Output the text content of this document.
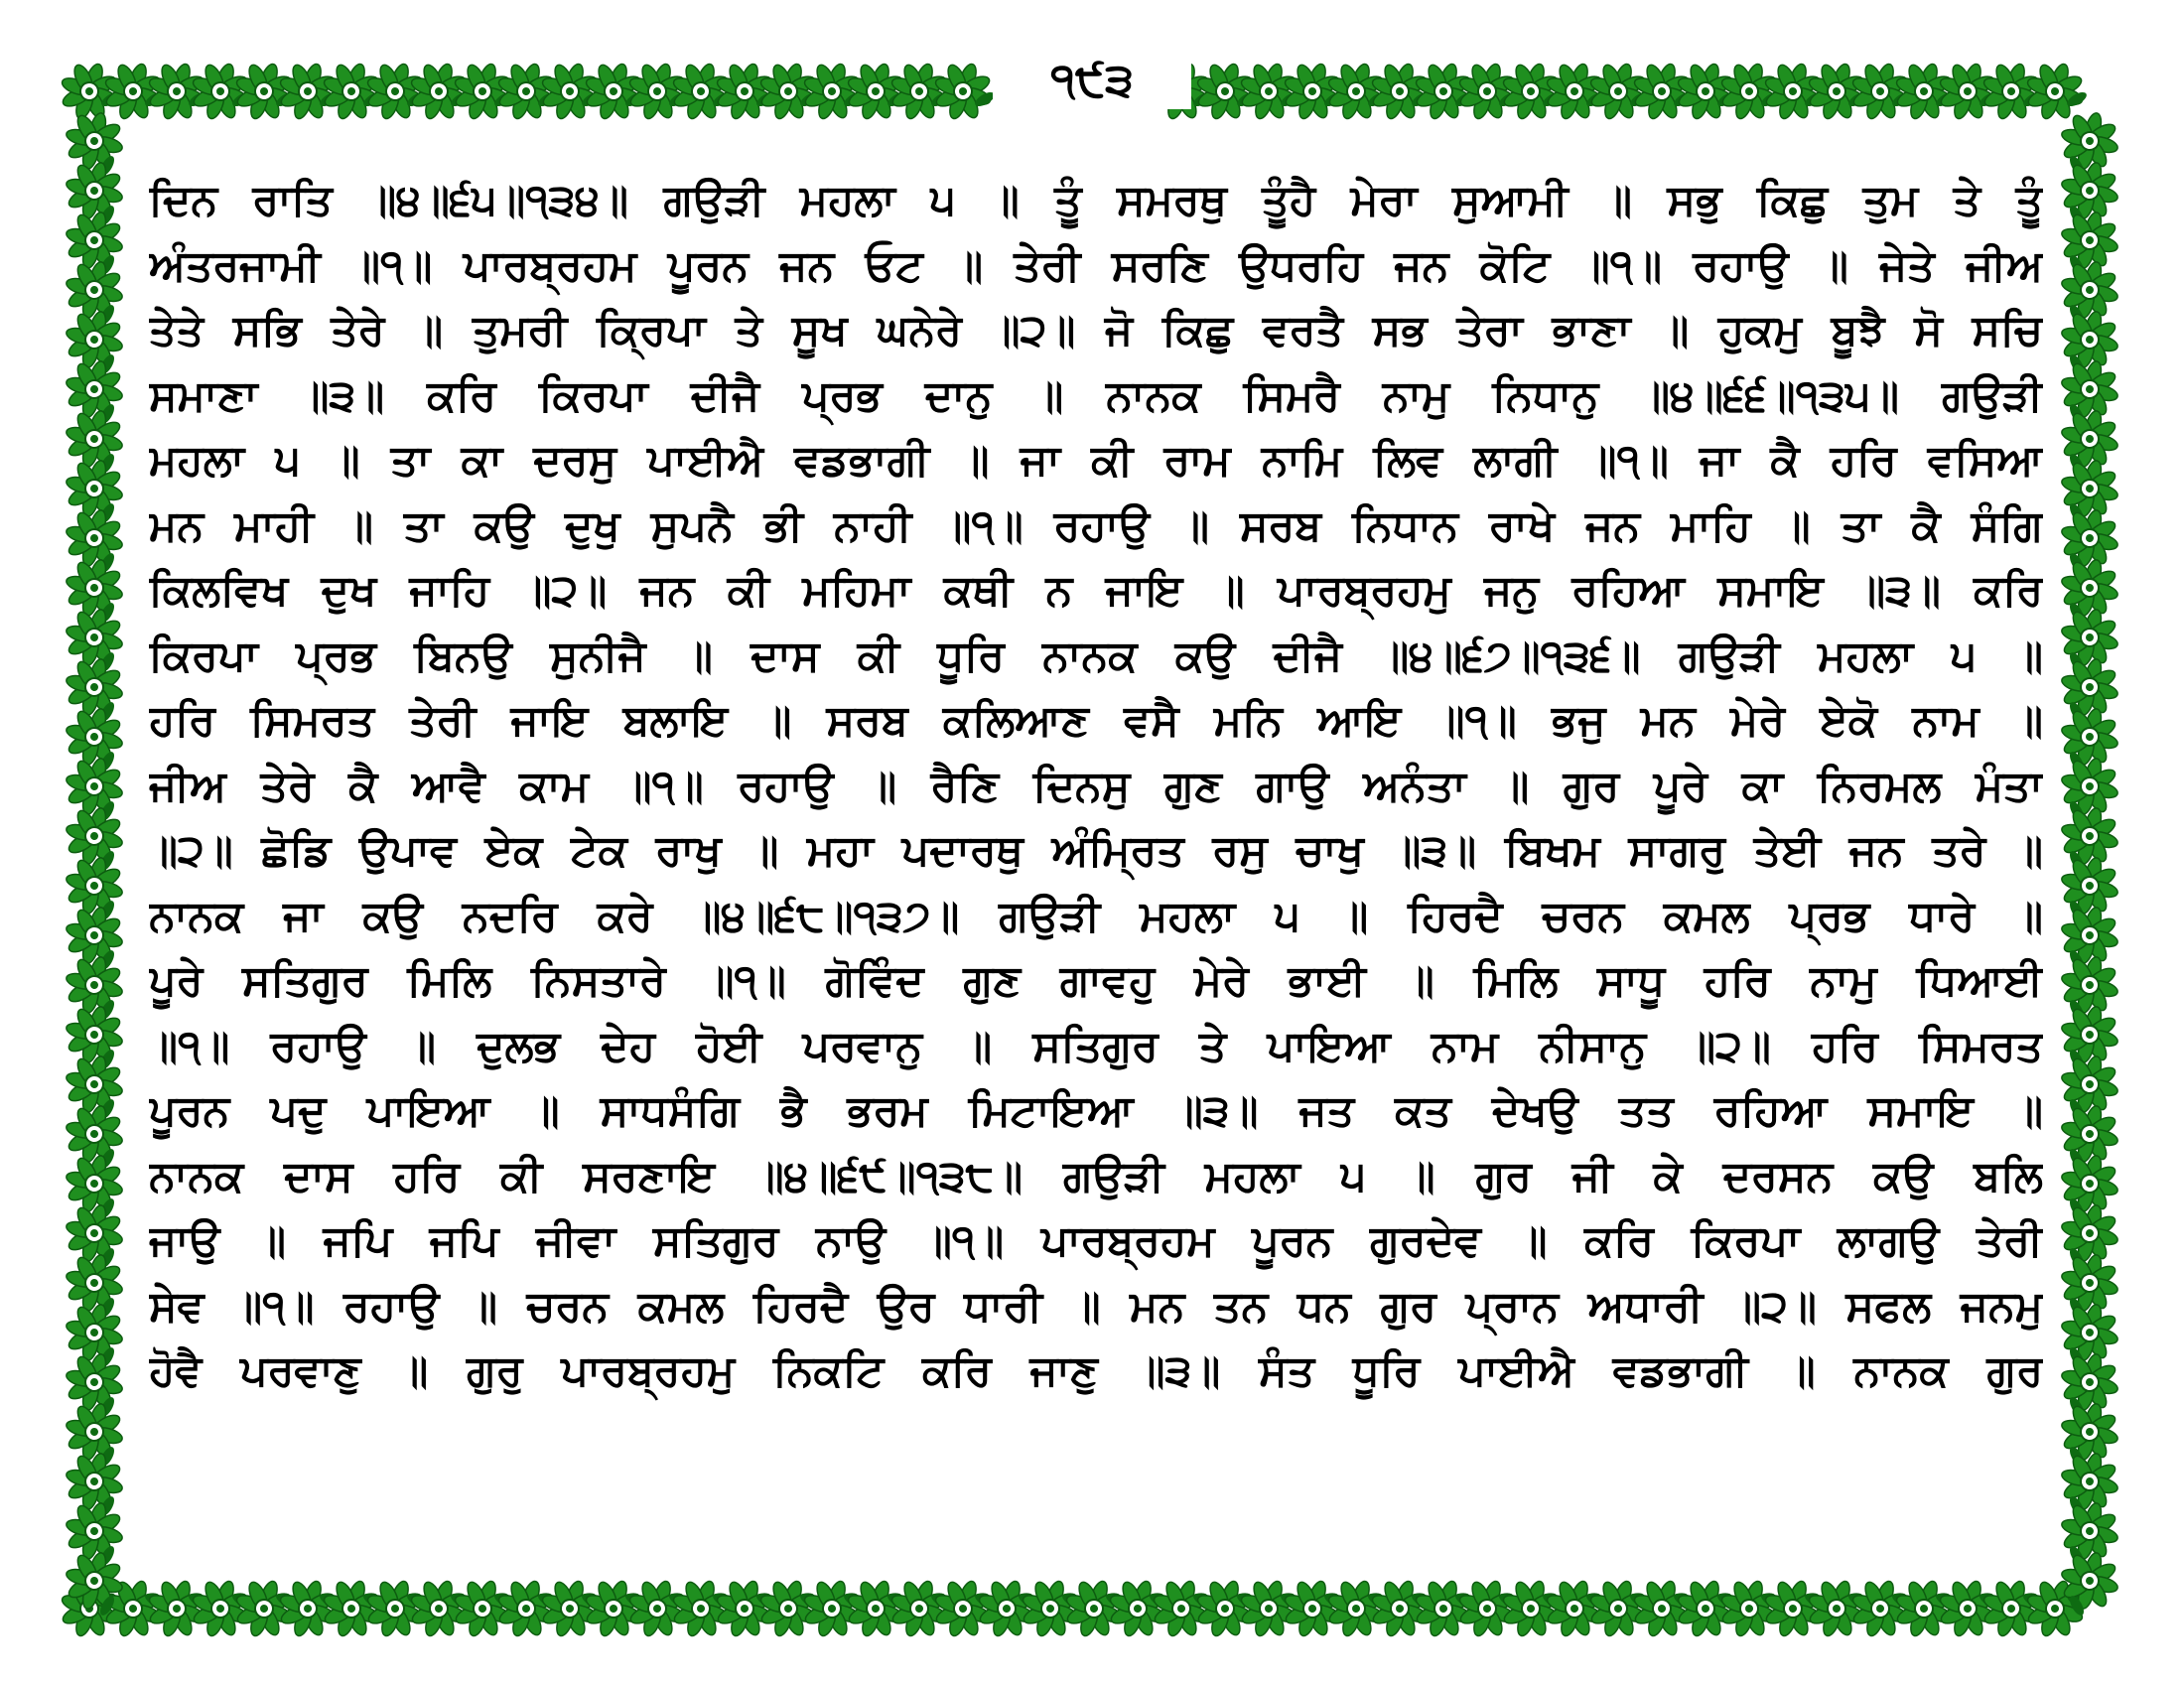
੧੯੩
ਦਿਨ ਰਾਤਿ ॥੪॥੬੫॥੧੩੪॥ ਗਉੜੀ ਮਹਲਾ ੫ ॥ ਤੂੰ ਸਮਰਥੁ ਤੂੰਹੈ ਮੇਰਾ ਸੁਆਮੀ ॥ ਸਭੁ ਕਿਛੁ ਤੁਮ ਤੇ ਤੂੰ
ਅੰਤਰਜਾਮੀ ॥੧॥ ਪਾਰਬ੍ਰਹਮ ਪੂਰਨ ਜਨ ਓਟ ॥ ਤੇਰੀ ਸਰਣਿ ਉਧਰਹਿ ਜਨ ਕੋਟਿ ॥੧॥ ਰਹਾਉ ॥ ਜੇਤੇ ਜੀਅ
ਤੇਤੇ ਸਭਿ ਤੇਰੇ ॥ ਤੁਮਰੀ ਕ੍ਰਿਪਾ ਤੇ ਸੂਖ ਘਨੇਰੇ ॥੨॥ ਜੋ ਕਿਛੁ ਵਰਤੈ ਸਭ ਤੇਰਾ ਭਾਣਾ ॥ ਹੁਕਮੁ ਬੂਝੈ ਸੋ ਸਚਿ
ਸਮਾਣਾ ॥੩॥ ਕਰਿ ਕਿਰਪਾ ਦੀਜੈ ਪ੍ਰਭ ਦਾਨੁ ॥ ਨਾਨਕ ਸਿਮਰੈ ਨਾਮੁ ਨਿਧਾਨੁ ॥੪॥੬੬॥੧੩੫॥ ਗਉੜੀ
ਮਹਲਾ ੫ ॥ ਤਾ ਕਾ ਦਰਸੁ ਪਾਈਐ ਵਡਭਾਗੀ ॥ ਜਾ ਕੀ ਰਾਮ ਨਾਮਿ ਲਿਵ ਲਾਗੀ ॥੧॥ ਜਾ ਕੈ ਹਰਿ ਵਸਿਆ
ਮਨ ਮਾਹੀ ॥ ਤਾ ਕਉ ਦੁਖੁ ਸੁਪਨੈ ਭੀ ਨਾਹੀ ॥੧॥ ਰਹਾਉ ॥ ਸਰਬ ਨਿਧਾਨ ਰਾਖੇ ਜਨ ਮਾਹਿ ॥ ਤਾ ਕੈ ਸੰਗਿ
ਕਿਲਵਿਖ ਦੁਖ ਜਾਹਿ ॥੨॥ ਜਨ ਕੀ ਮਹਿਮਾ ਕਥੀ ਨ ਜਾਇ ॥ ਪਾਰਬ੍ਰਹਮੁ ਜਨੁ ਰਹਿਆ ਸਮਾਇ ॥੩॥ ਕਰਿ
ਕਿਰਪਾ ਪ੍ਰਭ ਬਿਨਉ ਸੁਨੀਜੈ ॥ ਦਾਸ ਕੀ ਧੂਰਿ ਨਾਨਕ ਕਉ ਦੀਜੈ ॥੪॥੬੭॥੧੩੬॥ ਗਉੜੀ ਮਹਲਾ ੫ ॥
ਹਰਿ ਸਿਮਰਤ ਤੇਰੀ ਜਾਇ ਬਲਾਇ ॥ ਸਰਬ ਕਲਿਆਣ ਵਸੈ ਮਨਿ ਆਇ ॥੧॥ ਭਜੁ ਮਨ ਮੇਰੇ ਏਕੋ ਨਾਮ ॥
ਜੀਅ ਤੇਰੇ ਕੈ ਆਵੈ ਕਾਮ ॥੧॥ ਰਹਾਉ ॥ ਰੈਣਿ ਦਿਨਸੁ ਗੁਣ ਗਾਉ ਅਨੰਤਾ ॥ ਗੁਰ ਪੂਰੇ ਕਾ ਨਿਰਮਲ ਮੰਤਾ
॥੨॥ ਛੋਡਿ ਉਪਾਵ ਏਕ ਟੇਕ ਰਾਖੁ ॥ ਮਹਾ ਪਦਾਰਥੁ ਅੰਮ੍ਰਿਤ ਰਸੁ ਚਾਖੁ ॥੩॥ ਬਿਖਮ ਸਾਗਰੁ ਤੇਈ ਜਨ ਤਰੇ ॥
ਨਾਨਕ ਜਾ ਕਉ ਨਦਰਿ ਕਰੇ ॥੪॥੬੮॥੧੩੭॥ ਗਉੜੀ ਮਹਲਾ ੫ ॥ ਹਿਰਦੈ ਚਰਨ ਕਮਲ ਪ੍ਰਭ ਧਾਰੇ ॥
ਪੂਰੇ ਸਤਿਗੁਰ ਮਿਲਿ ਨਿਸਤਾਰੇ ॥੧॥ ਗੋਵਿੰਦ ਗੁਣ ਗਾਵਹੁ ਮੇਰੇ ਭਾਈ ॥ ਮਿਲਿ ਸਾਧੂ ਹਰਿ ਨਾਮੁ ਧਿਆਈ
॥੧॥ ਰਹਾਉ ॥ ਦੁਲਭ ਦੇਹ ਹੋਈ ਪਰਵਾਨੁ ॥ ਸਤਿਗੁਰ ਤੇ ਪਾਇਆ ਨਾਮ ਨੀਸਾਨੁ ॥੨॥ ਹਰਿ ਸਿਮਰਤ
ਪੂਰਨ ਪਦੁ ਪਾਇਆ ॥ ਸਾਧਸੰਗਿ ਭੈ ਭਰਮ ਮਿਟਾਇਆ ॥੩॥ ਜਤ ਕਤ ਦੇਖਉ ਤਤ ਰਹਿਆ ਸਮਾਇ ॥
ਨਾਨਕ ਦਾਸ ਹਰਿ ਕੀ ਸਰਣਾਇ ॥੪॥੬੯॥੧੩੮॥ ਗਉੜੀ ਮਹਲਾ ੫ ॥ ਗੁਰ ਜੀ ਕੇ ਦਰਸਨ ਕਉ ਬਲਿ
ਜਾਉ ॥ ਜਪਿ ਜਪਿ ਜੀਵਾ ਸਤਿਗੁਰ ਨਾਉ ॥੧॥ ਪਾਰਬ੍ਰਹਮ ਪੂਰਨ ਗੁਰਦੇਵ ॥ ਕਰਿ ਕਿਰਪਾ ਲਾਗਉ ਤੇਰੀ
ਸੇਵ ॥੧॥ ਰਹਾਉ ॥ ਚਰਨ ਕਮਲ ਹਿਰਦੈ ਉਰ ਧਾਰੀ ॥ ਮਨ ਤਨ ਧਨ ਗੁਰ ਪ੍ਰਾਨ ਅਧਾਰੀ ॥੨॥ ਸਫਲ ਜਨਮੁ
ਹੋਵੈ ਪਰਵਾਣੁ ॥ ਗੁਰੁ ਪਾਰਬ੍ਰਹਮੁ ਨਿਕਟਿ ਕਰਿ ਜਾਣੁ ॥੩॥ ਸੰਤ ਧੂਰਿ ਪਾਈਐ ਵਡਭਾਗੀ ॥ ਨਾਨਕ ਗੁਰ
